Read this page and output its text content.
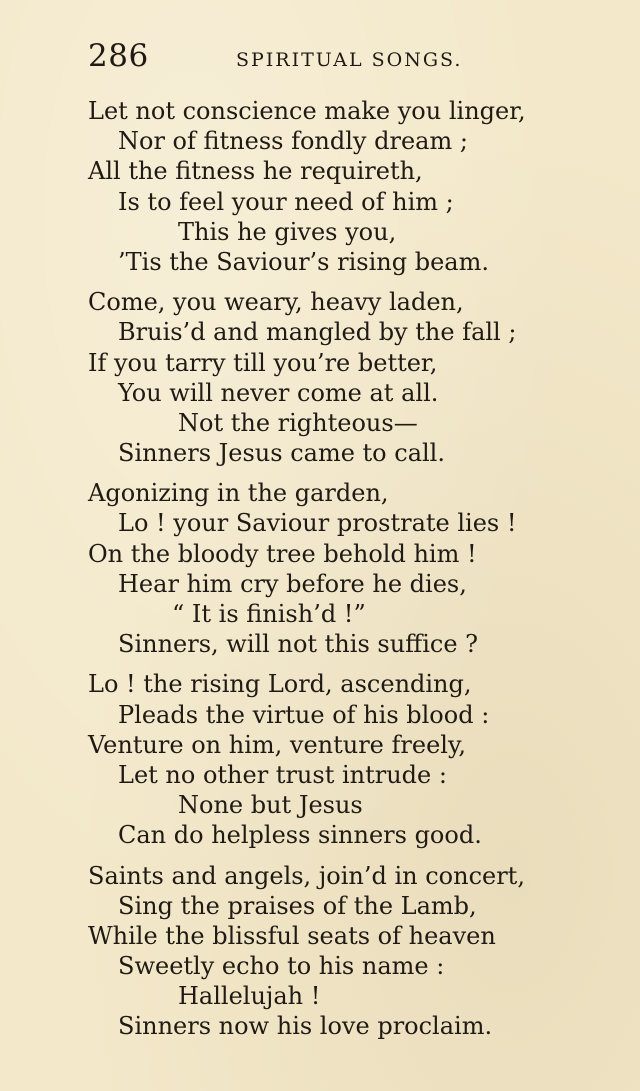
286	SPIRITUAL SONGS.
Let not conscience make you linger,
Nor of fitness fondly dream ;
All the fitness he requireth,
Is to feel your need of him ;
This he gives you,
’Tis the Saviour’s rising beam.
Come, you weary, heavy laden,
Bruis’d and mangled by the fall ;
If you tarry till you’re better,
You will never come at all.
Not the righteous—
Sinners Jesus came to call.
Agonizing in the garden,
Lo ! your Saviour prostrate lies !
On the bloody tree behold him !
Hear him cry before he dies,
“ It is finish’d !”
Sinners, will not this suffice ?
Lo ! the rising Lord, ascending,
Pleads the virtue of his blood :
Venture on him, venture freely,
Let no other trust intrude :
None but Jesus
Can do helpless sinners good.
Saints and angels, join’d in concert,
Sing the praises of the Lamb,
While the blissful seats of heaven
Sweetly echo to his name :
Hallelujah !
Sinners now his love proclaim.
